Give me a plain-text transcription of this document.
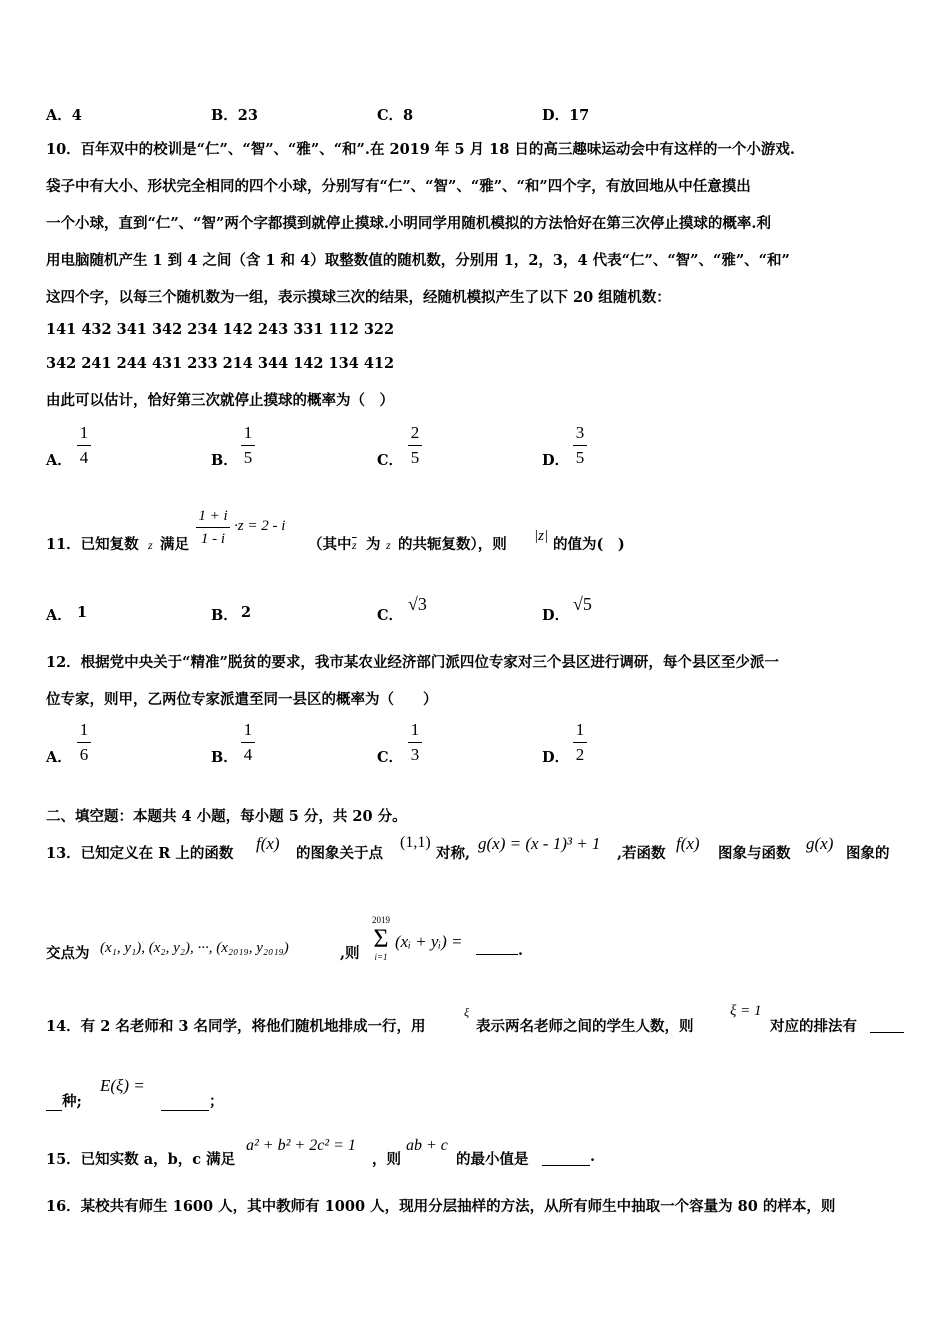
A．4	B．23	C．8	D．17
10．百年双中的校训是“仁”、“智”、“雅”、“和”.在 2019 年 5 月 18 日的高三趣味运动会中有这样的一个小游戏.
袋子中有大小、形状完全相同的四个小球，分别写有“仁”、“智”、“雅”、“和”四个字，有放回地从中任意摸出
一个小球，直到“仁”、“智”两个字都摸到就停止摸球.小明同学用随机模拟的方法恰好在第三次停止摸球的概率.利
用电脑随机产生 1 到 4 之间（含 1 和 4）取整数值的随机数，分别用 1，2，3，4 代表“仁”、“智”、“雅”、“和”
这四个字，以每三个随机数为一组，表示摸球三次的结果，经随机模拟产生了以下 20 组随机数：
141 432 341 342 234 142 243 331 112 322
342 241 244 431 233 214 344 142 134 412
由此可以估计，恰好第三次就停止摸球的概率为（　）
A．
1
4	B．
1
5	C．
2
5	D．
3
5
11．已知复数 z 满足
1 + i
1 - i
·z = 2 - i
（其中 $\overline{z}$ 为 z 的共轭复数），则 |z| 的值为(　)
A． 1	B． 2	C．
√3
D．
√5
12．根据党中央关于“精准”脱贫的要求，我市某农业经济部门派四位专家对三个县区进行调研，每个县区至少派一
位专家，则甲，乙两位专家派遣至同一县区的概率为（　　）
A．
1
6	B．
1
4	C．
1
3	D．
1
2
二、填空题：本题共 4 小题，每小题 5 分，共 20 分。
13．已知定义在 R 上的函数
f(x)
的图象关于点
(1,1)
对称,
g(x) = (x - 1)³ + 1
,若函数
f(x)
图象与函数
g(x)
图象的
交点为 (x₁, y₁), (x₂, y₂), ···, (x₂₀₁₉, y₂₀₁₉)	,则
2019
Σ
i=1
(xᵢ + yᵢ) =	.
14．有 2 名老师和 3 名同学，将他们随机地排成一行，用
ξ
表示两名老师之间的学生人数，则
ξ = 1
对应的排法有
种;
E(ξ) =
；
15．已知实数 a，b，c 满足
a² + b² + 2c² = 1
，则
ab + c
的最小值是	.
16．某校共有师生 1600 人，其中教师有 1000 人，现用分层抽样的方法，从所有师生中抽取一个容量为 80 的样本，则
